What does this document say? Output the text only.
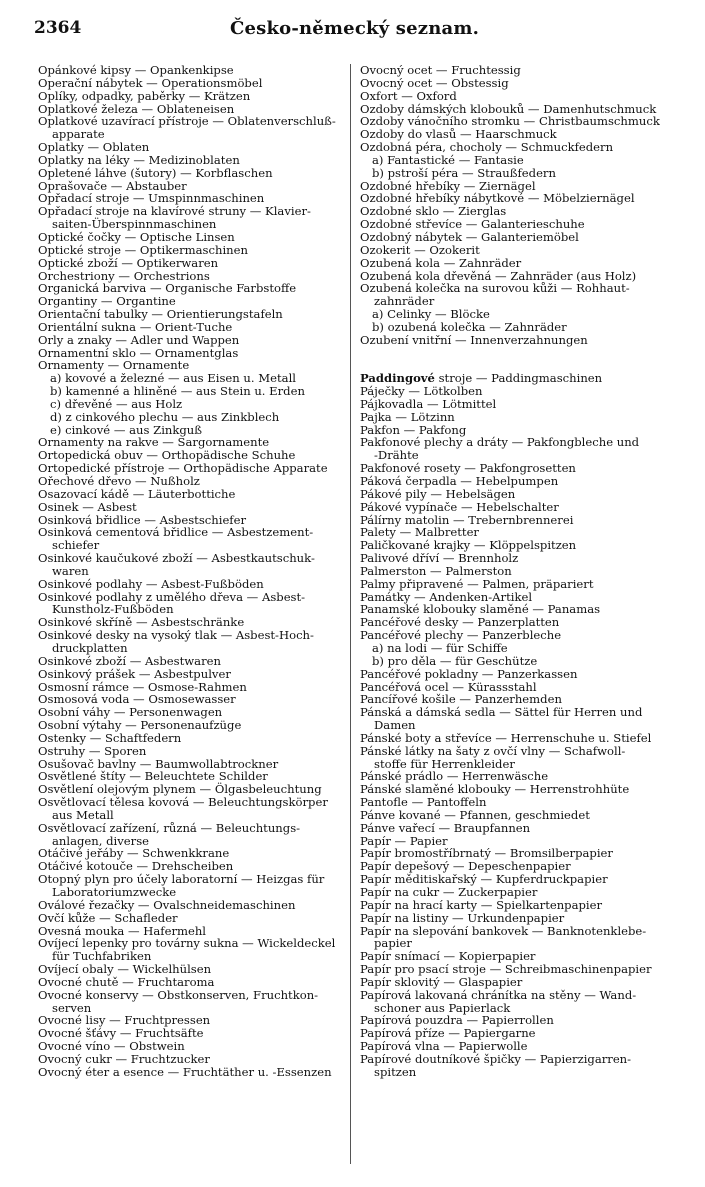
2364	Česko-německý seznam.
Opánkové kipsy — Opankenkipse
Operační nábytek — Operationsmöbel
Oplíky, odpadky, paběrky — Krätzen
Oplatkové železa — Oblateneisen
Oplatkové uzavírací přístroje — Oblatenverschluß-
apparate
Oplatky — Oblaten
Oplatky na léky — Medizinoblaten
Opletené láhve (šutory) — Korbflaschen
Oprašovače — Abstauber
Opřadací stroje — Umspinnmaschinen
Opřadací stroje na klavírové struny — Klavier-
saiten-Überspinnmaschinen
Optické čočky — Optische Linsen
Optické stroje — Optikermaschinen
Optické zboží — Optikerwaren
Orchestriony — Orchestrions
Organická barviva — Organische Farbstoffe
Organtiny — Organtine
Orientační tabulky — Orientierungstafeln
Orientální sukna — Orient-Tuche
Orly a znaky — Adler und Wappen
Ornamentní sklo — Ornamentglas
Ornamenty — Ornamente
a) kovové a železné — aus Eisen u. Metall
b) kamenné a hliněné — aus Stein u. Erden
c) dřevěné — aus Holz
d) z cinkového plechu — aus Zinkblech
e) cinkové — aus Zinkguß
Ornamenty na rakve — Sargornamente
Ortopedická obuv — Orthopädische Schuhe
Ortopedické přístroje — Orthopädische Apparate
Ořechové dřevo — Nußholz
Osazovací kádě — Läuterbottiche
Osinek — Asbest
Osinková břidlice — Asbestschiefer
Osinková cementová břidlice — Asbestzement-
schiefer
Osinkové kaučukové zboží — Asbestkautschuk-
waren
Osinkové podlahy — Asbest-Fußböden
Osinkové podlahy z umělého dřeva — Asbest-
Kunstholz-Fußböden
Osinkové skříně — Asbestschränke
Osinkové desky na vysoký tlak — Asbest-Hoch-
druckplatten
Osinkové zboží — Asbestwaren
Osinkový prášek — Asbestpulver
Osmosní rámce — Osmose-Rahmen
Osmosová voda — Osmosewasser
Osobní váhy — Personenwagen
Osobní výtahy — Personenaufzüge
Ostenky — Schaftfedern
Ostruhy — Sporen
Osušovač bavlny — Baumwollabtrockner
Osvětlené štíty — Beleuchtete Schilder
Osvětlení olejovým plynem — Ölgasbeleuchtung
Osvětlovací tělesa kovová — Beleuchtungskörper
aus Metall
Osvětlovací zařízení, různá — Beleuchtungs-
anlagen, diverse
Otáčivé jeřáby — Schwenkkrane
Otáčivé kotouče — Drehscheiben
Otopný plyn pro účely laboratorní — Heizgas für
Laboratoriumzwecke
Oválové řezačky — Ovalschneidemaschinen
Ovčí kůže — Schafleder
Ovesná mouka — Hafermehl
Ovíjecí lepenky pro továrny sukna — Wickeldeckel
für Tuchfabriken
Ovíjecí obaly — Wickelhülsen
Ovocné chutě — Fruchtaroma
Ovocné konservy — Obstkonserven, Fruchtkon-
serven
Ovocné lisy — Fruchtpressen
Ovocné šťávy — Fruchtsäfte
Ovocné víno — Obstwein
Ovocný cukr — Fruchtzucker
Ovocný éter a esence — Fruchtäther u. -Essenzen
Ovocný ocet — Fruchtessig
Ovocný ocet — Obstessig
Oxfort — Oxford
Ozdoby dámských klobouků — Damenhutschmuck
Ozdoby vánočního stromku — Christbaumschmuck
Ozdoby do vlasů — Haarschmuck
Ozdobná péra, chocholy — Schmuckfedern
a) Fantastické — Fantasie
b) pstroší péra — Straußfedern
Ozdobné hřebíky — Ziernägel
Ozdobné hřebíky nábytkové — Möbelziernägel
Ozdobné sklo — Zierglas
Ozdobné střevíce — Galanterieschuhe
Ozdobný nábytek — Galanteriemöbel
Ozokerit — Ozokerit
Ozubená kola — Zahnräder
Ozubená kola dřevěná — Zahnräder (aus Holz)
Ozubená kolečka na surovou kůži — Rohhaut-
zahnräder
a) Celinky — Blöcke
b) ozubená kolečka — Zahnräder
Ozubení vnitřní — Innenverzahnungen
Paddingové stroje — Paddingmaschinen
Páječky — Lötkolben
Pájkovadla — Lötmittel
Pajka — Lötzinn
Pakfon — Pakfong
Pakfonové plechy a dráty — Pakfongbleche und
-Drähte
Pakfonové rosety — Pakfongrosetten
Páková čerpadla — Hebelpumpen
Pákové pily — Hebelsägen
Pákové vypínače — Hebelschalter
Pálírny matolin — Trebernbrennerei
Palety — Malbretter
Paličkované krajky — Klöppelspitzen
Palivové dříví — Brennholz
Palmerston — Palmerston
Palmy připravené — Palmen, präpariert
Památky — Andenken-Artikel
Panamské klobouky slaměné — Panamas
Pancéřové desky — Panzerplatten
Pancéřové plechy — Panzerbleche
a) na lodi — für Schiffe
b) pro děla — für Geschütze
Pancéřové pokladny — Panzerkassen
Pancéřová ocel — Kürassstahl
Pancířové košile — Panzerhemden
Pánská a dámská sedla — Sättel für Herren und
Damen
Pánské boty a střevíce — Herrenschuhe u. Stiefel
Pánské látky na šaty z ovčí vlny — Schafwoll-
stoffe für Herrenkleider
Pánské prádlo — Herrenwäsche
Pánské slaměné klobouky — Herrenstrohhüte
Pantofle — Pantoffeln
Pánve kované — Pfannen, geschmiedet
Pánve vařecí — Braupfannen
Papír — Papier
Papír bromostříbrnatý — Bromsilberpapier
Papír depešový — Depeschenpapier
Papír měditiskařský — Kupferdruckpapier
Papír na cukr — Zuckerpapier
Papír na hrací karty — Spielkartenpapier
Papír na listiny — Urkundenpapier
Papír na slepování bankovek — Banknotenklebe-
papier
Papír snímací — Kopierpapier
Papír pro psací stroje — Schreibmaschinenpapier
Papír sklovitý — Glaspapier
Papírová lakovaná chránítka na stěny — Wand-
schoner aus Papierlack
Papírová pouzdra — Papierrollen
Papírová příze — Papiergarne
Papírová vlna — Papierwolle
Papírové doutníkové špičky — Papierzigarren-
spitzen
